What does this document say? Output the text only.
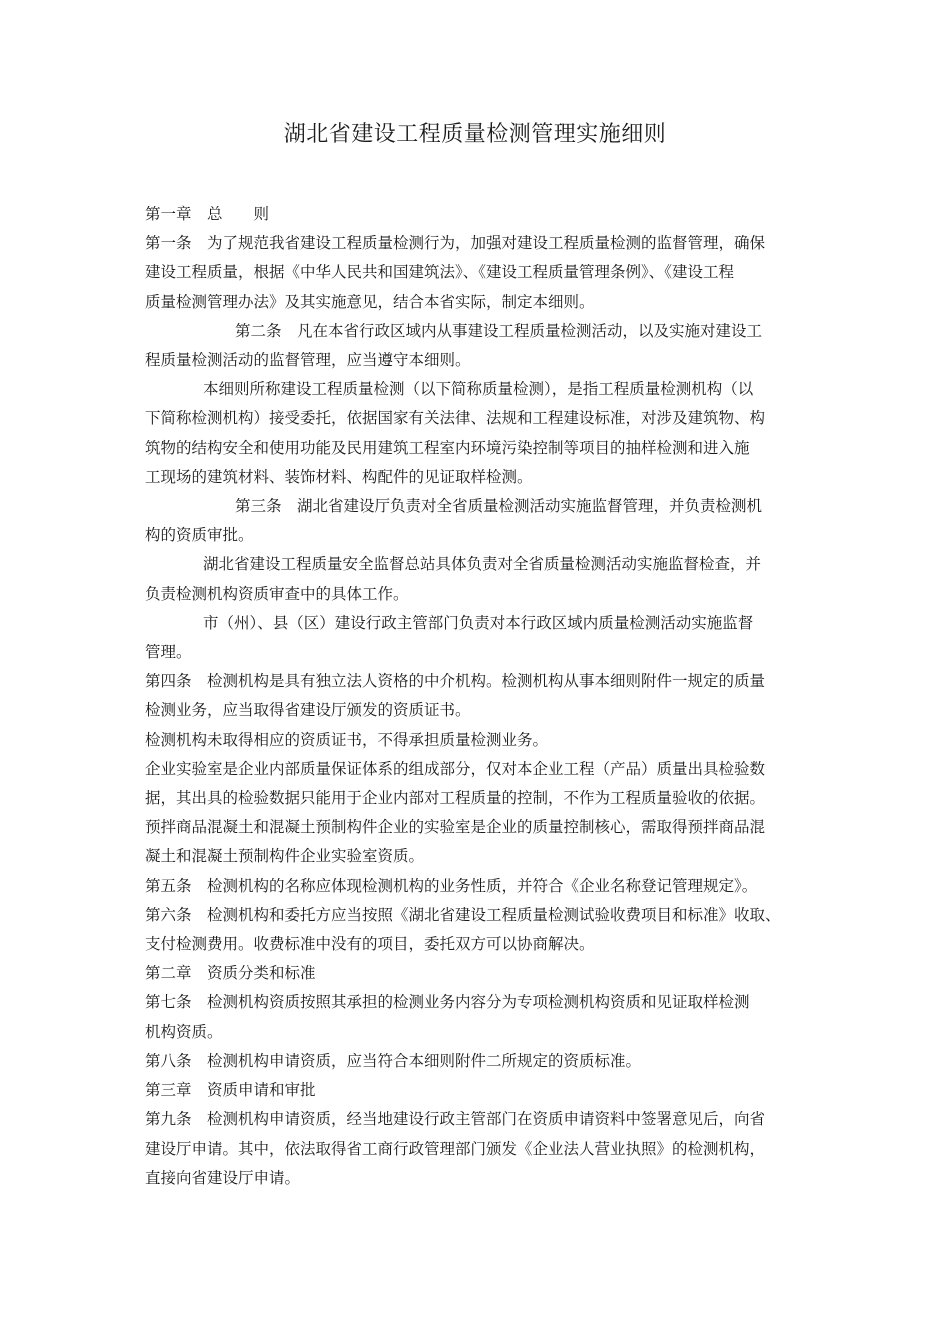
湖北省建设工程质量检测管理实施细则

第一章　总　　则

第一条　为了规范我省建设工程质量检测行为，加强对建设工程质量检测的监督管理，确保

建设工程质量，根据《中华人民共和国建筑法》、《建设工程质量管理条例》、《建设工程

质量检测管理办法》及其实施意见，结合本省实际，制定本细则。

第二条　凡在本省行政区域内从事建设工程质量检测活动，以及实施对建设工

程质量检测活动的监督管理，应当遵守本细则。

本细则所称建设工程质量检测（以下简称质量检测），是指工程质量检测机构（以

下简称检测机构）接受委托，依据国家有关法律、法规和工程建设标准，对涉及建筑物、构

筑物的结构安全和使用功能及民用建筑工程室内环境污染控制等项目的抽样检测和进入施

工现场的建筑材料、装饰材料、构配件的见证取样检测。

第三条　湖北省建设厅负责对全省质量检测活动实施监督管理，并负责检测机

构的资质审批。

湖北省建设工程质量安全监督总站具体负责对全省质量检测活动实施监督检查，并

负责检测机构资质审查中的具体工作。

市（州）、县（区）建设行政主管部门负责对本行政区域内质量检测活动实施监督

管理。

第四条　检测机构是具有独立法人资格的中介机构。检测机构从事本细则附件一规定的质量

检测业务，应当取得省建设厅颁发的资质证书。

检测机构未取得相应的资质证书，不得承担质量检测业务。

企业实验室是企业内部质量保证体系的组成部分，仅对本企业工程（产品）质量出具检验数

据，其出具的检验数据只能用于企业内部对工程质量的控制，不作为工程质量验收的依据。

预拌商品混凝土和混凝土预制构件企业的实验室是企业的质量控制核心，需取得预拌商品混

凝土和混凝土预制构件企业实验室资质。

第五条　检测机构的名称应体现检测机构的业务性质，并符合《企业名称登记管理规定》。

第六条　检测机构和委托方应当按照《湖北省建设工程质量检测试验收费项目和标准》收取、

支付检测费用。收费标准中没有的项目，委托双方可以协商解决。

第二章　资质分类和标准

第七条　检测机构资质按照其承担的检测业务内容分为专项检测机构资质和见证取样检测

机构资质。

第八条　检测机构申请资质，应当符合本细则附件二所规定的资质标准。

第三章　资质申请和审批

第九条　检测机构申请资质，经当地建设行政主管部门在资质申请资料中签署意见后，向省

建设厅申请。其中，依法取得省工商行政管理部门颁发《企业法人营业执照》的检测机构，

直接向省建设厅申请。
